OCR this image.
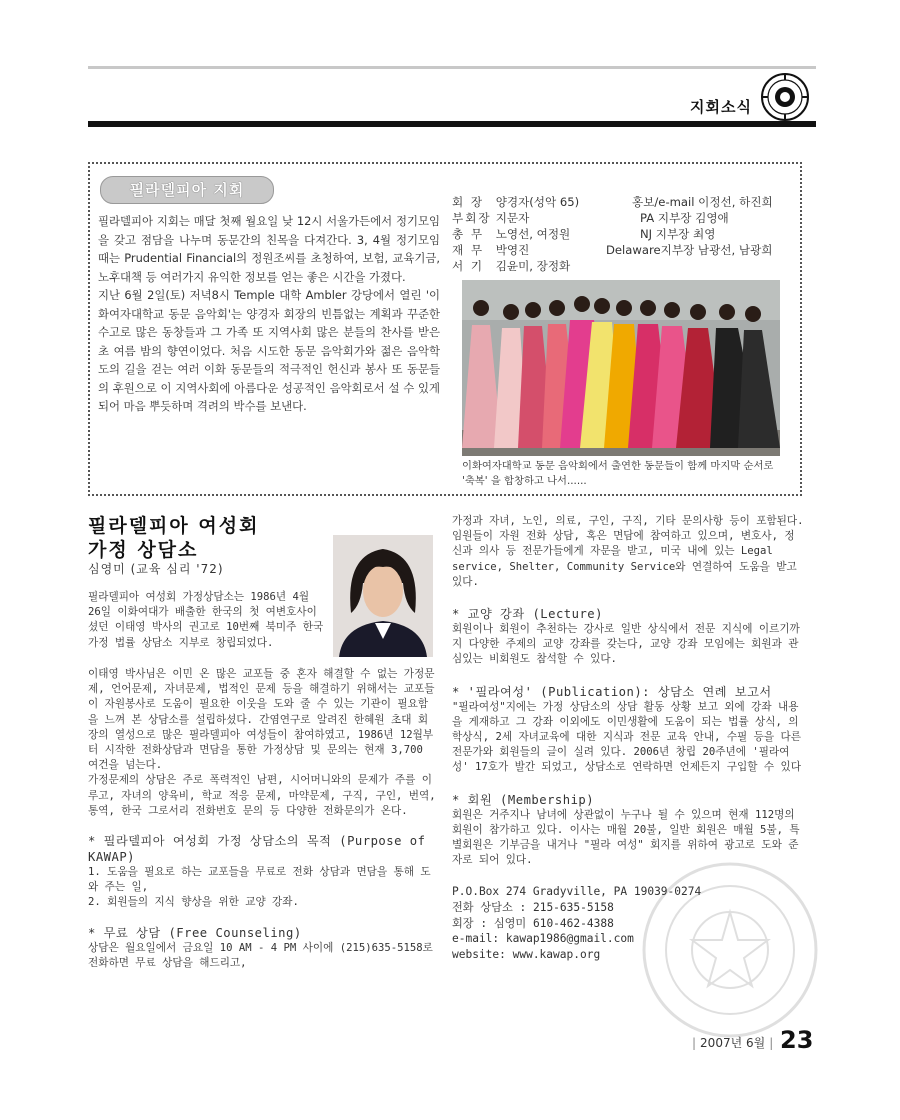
지회소식
필라델피아 지회

필라델피아 지회는 매달 첫째 월요일 낮 12시 서울가든에서 정기모임을 갖고 점담을 나누며 동문간의 친목을 다져간다. 3, 4월 정기모임 때는 Prudential Financial의 정원조씨를 초청하여, 보험, 교육기금, 노후대책 등 여러가지 유익한 정보를 얻는 좋은 시간을 가졌다.

지난 6월 2일(토) 저녁8시 Temple 대학 Ambler 강당에서 열린 '이화여자대학교 동문 음악회'는 양경자 회장의 빈틈없는 계획과 꾸준한 수고로 많은 동창들과 그 가족 또 지역사회 많은 분들의 찬사를 받은 초 여름 밤의 향연이었다. 처음 시도한 동문 음악회가와 젊은 음악학도의 길을 걷는 여러 이화 동문들의 적극적인 헌신과 봉사 또 동문들의 후원으로 이 지역사회에 아름다운 성공적인 음악회로서 설 수 있게되어 마음 뿌듯하며 격려의 박수를 보낸다.

회 장 양경자(성악 65)
부회장 지문자
총 무 노영선, 여정원
재 무 박영진
서 기 김윤미, 장정화
홍보/e-mail 이정선, 하진희
PA 지부장 김영애
NJ 지부장 최영
Delaware지부장 남광선, 남광희
이화여자대학교 동문 음악회에서 출연한 동문들이 함께 마지막 순서로 '축복' 을 합창하고 나서......
필라델피아 여성회
가정 상담소
심영미 (교육 심리 '72)
필라델피아 여성회 가정상담소는 1986년 4월 26일 이화여대가 배출한 한국의 첫 여변호사이셨던 이태영 박사의 권고로 10번째 북미주 한국 가정 법률 상담소 지부로 창립되었다.

이태영 박사님은 이민 온 많은 교포들 중 혼자 해결할 수 없는 가정문제, 언어문제, 자녀문제, 법적인 문제 등을 해결하기 위해서는 교포들이 자원봉사로 도움이 필요한 이웃을 도와 줄 수 있는 기관이 필요함을 느껴 본 상담소를 설립하셨다. 간염연구로 알려진 한혜원 초대 회장의 열성으로 많은 필라델피아 여성들이 참여하였고, 1986년 12월부터 시작한 전화상담과 면담을 통한 가정상담 및 문의는 현재 3,700 여건을 넘는다.

가정문제의 상담은 주로 폭력적인 남편, 시어머니와의 문제가 주를 이루고, 자녀의 양육비, 학교 적응 문제, 마약문제, 구직, 구인, 번역, 통역, 한국 그로서리 전화번호 문의 등 다양한 전화문의가 온다.

* 필라델피아 여성회 가정 상담소의 목적 (Purpose of KAWAP)

1. 도움을 필요로 하는 교포들을 무료로 전화 상담과 면담을 통해 도와 주는 일,

2. 회원들의 지식 향상을 위한 교양 강좌.

* 무료 상담 (Free Counseling)

상담은 월요일에서 금요일 10 AM - 4 PM 사이에 (215)635-5158로 전화하면 무료 상담을 해드리고,

가정과 자녀, 노인, 의료, 구인, 구직, 기타 문의사항 등이 포함된다.

임원들이 자원 전화 상담, 혹은 면담에 참여하고 있으며, 변호사, 정신과 의사 등 전문가들에게 자문을 받고, 미국 내에 있는 Legal service, Shelter, Community Service와 연결하여 도움을 받고 있다.

* 교양 강좌 (Lecture)

회원이나 회원이 추천하는 강사로 일반 상식에서 전문 지식에 이르기까지 다양한 주제의 교양 강좌를 갖는다, 교양 강좌 모임에는 회원과 관심있는 비회원도 참석할 수 있다.

* '필라여성' (Publication): 상담소 연례 보고서

"필라여성"지에는 가정 상담소의 상담 활동 상황 보고 외에 강좌 내용을 게재하고 그 강좌 이외에도 이민생활에 도움이 되는 법률 상식, 의학상식, 2세 자녀교육에 대한 지식과 전문 교육 안내, 수필 등을 다른 전문가와 회원들의 글이 실려 있다. 2006년 창립 20주년에 '필라여성' 17호가 발간 되었고, 상담소로 연락하면 언제든지 구입할 수 있다

* 회원 (Membership)

회원은 거주지나 남녀에 상관없이 누구나 될 수 있으며 현재 112명의 회원이 참가하고 있다. 이사는 매월 20불, 일반 회원은 매월 5불, 특별회원은 기부금을 내거나 "필라 여성" 회지를 위하여 광고로 도와 준 자로 되어 있다.

P.O.Box 274 Gradyville, PA 19039-0274

전화 상담소 : 215-635-5158

회장 : 심영미 610-462-4388

e-mail: kawap1986@gmail.com

website: www.kawap.org

| 2007년 6월 | 23
